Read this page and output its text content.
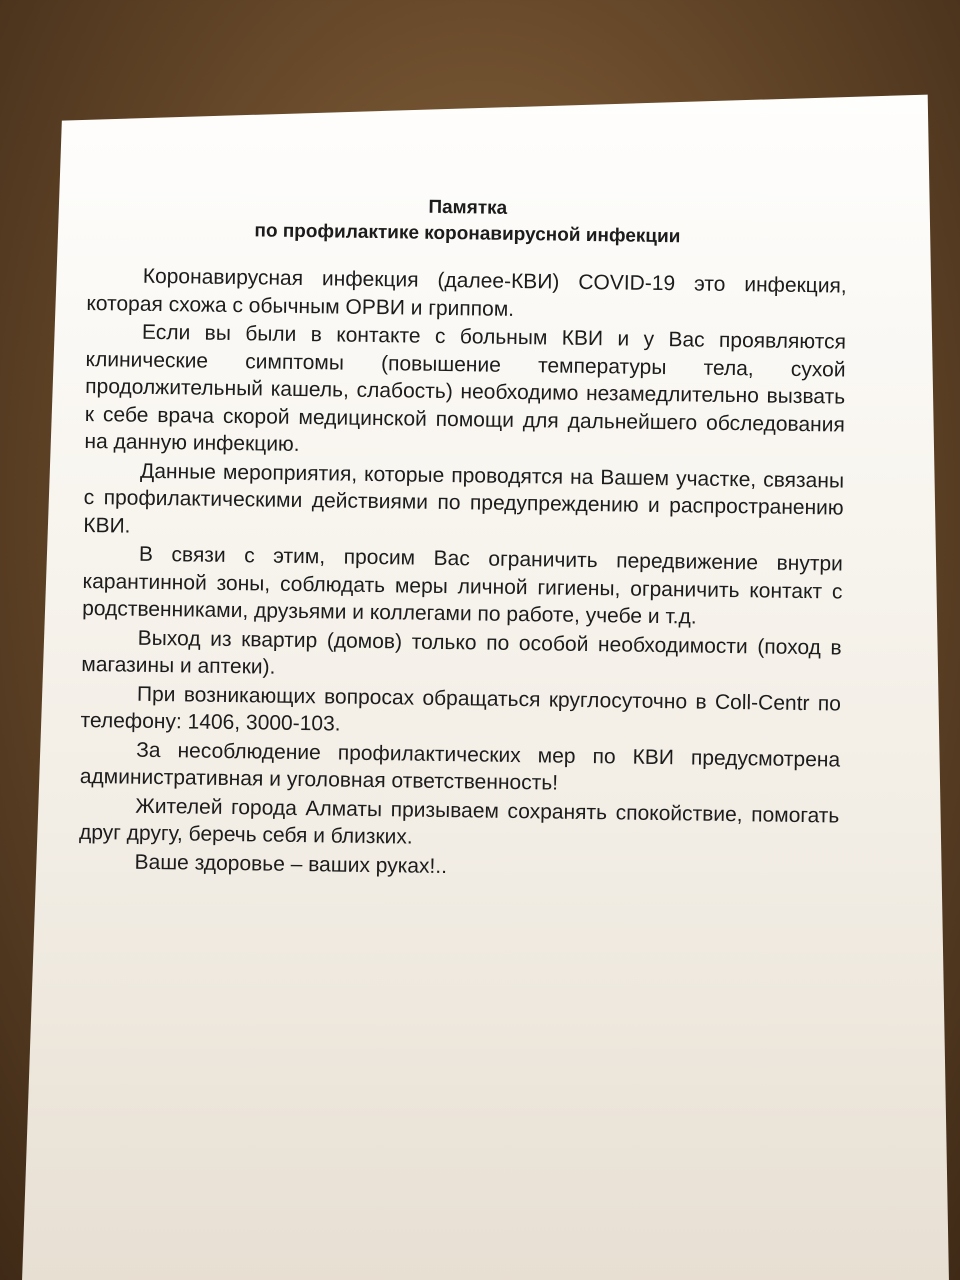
Памятка
по профилактике коронавирусной инфекции

Коронавирусная инфекция (далее-КВИ) COVID-19 это инфекция, которая схожа с обычным ОРВИ и гриппом.

Если вы были в контакте с больным КВИ и у Вас проявляются клинические симптомы (повышение температуры тела, сухой продолжительный кашель, слабость) необходимо незамедлительно вызвать к себе врача скорой медицинской помощи для дальнейшего обследования на данную инфекцию.

Данные мероприятия, которые проводятся на Вашем участке, связаны с профилактическими действиями по предупреждению и распространению КВИ.

В связи с этим, просим Вас ограничить передвижение внутри карантинной зоны, соблюдать меры личной гигиены, ограничить контакт с родственниками, друзьями и коллегами по работе, учебе и т.д.

Выход из квартир (домов) только по особой необходимости (поход в магазины и аптеки).

При возникающих вопросах обращаться круглосуточно в Coll-Centr по телефону: 1406, 3000-103.

За несоблюдение профилактических мер по КВИ предусмотрена административная и уголовная ответственность!

Жителей города Алматы призываем сохранять спокойствие, помогать друг другу, беречь себя и близких.

Ваше здоровье – ваших руках!..
